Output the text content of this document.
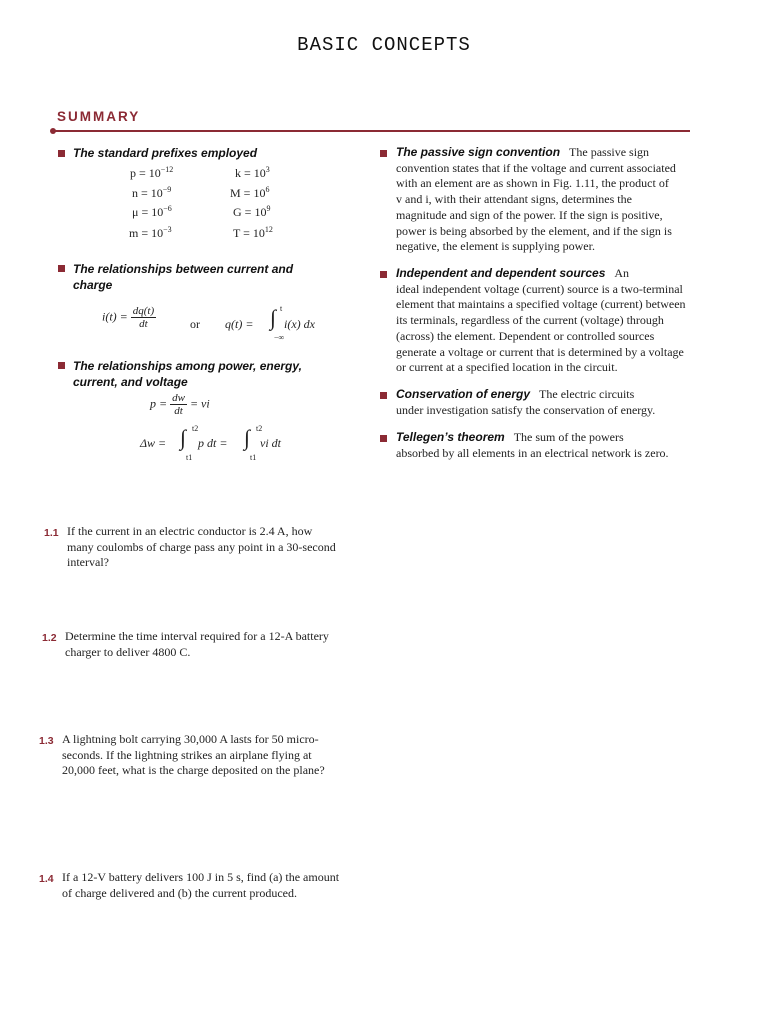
BASIC CONCEPTS
SUMMARY
The standard prefixes employed
$p = 10^{-12}$	$k = 10^3$
$n = 10^{-9}$	$M = 10^6$
$\mu = 10^{-6}$	$G = 10^9$
$m = 10^{-3}$	$T = 10^{12}$
The relationships between current and
charge
$i(t) = \frac{dq(t)}{dt}$	or q(t) = ∫ t
−∞
i(x) dx
The relationships among power, energy,
current, and voltage
$p = \frac{dw}{dt}$ = vi
Δw = ∫ t2
t1
p dt = ∫ t2
t1
vi dt
The passive sign convention The passive sign
convention states that if the voltage and current associated
with an element are as shown in Fig. 1.11, the product of
v and i, with their attendant signs, determines the
magnitude and sign of the power. If the sign is positive,
power is being absorbed by the element, and if the sign is
negative, the element is supplying power.
Independent and dependent sources An
ideal independent voltage (current) source is a two-terminal
element that maintains a specified voltage (current) between
its terminals, regardless of the current (voltage) through
(across) the element. Dependent or controlled sources
generate a voltage or current that is determined by a voltage
or current at a specified location in the circuit.
Conservation of energy The electric circuits
under investigation satisfy the conservation of energy.
Tellegen’s theorem The sum of the powers
absorbed by all elements in an electrical network is zero.
1.1 If the current in an electric conductor is 2.4 A, how
many coulombs of charge pass any point in a 30-second
interval?
1.2 Determine the time interval required for a 12-A battery
charger to deliver 4800 C.
1.3 A lightning bolt carrying 30,000 A lasts for 50 micro-
seconds. If the lightning strikes an airplane flying at
20,000 feet, what is the charge deposited on the plane?
1.4 If a 12-V battery delivers 100 J in 5 s, find (a) the amount
of charge delivered and (b) the current produced.
